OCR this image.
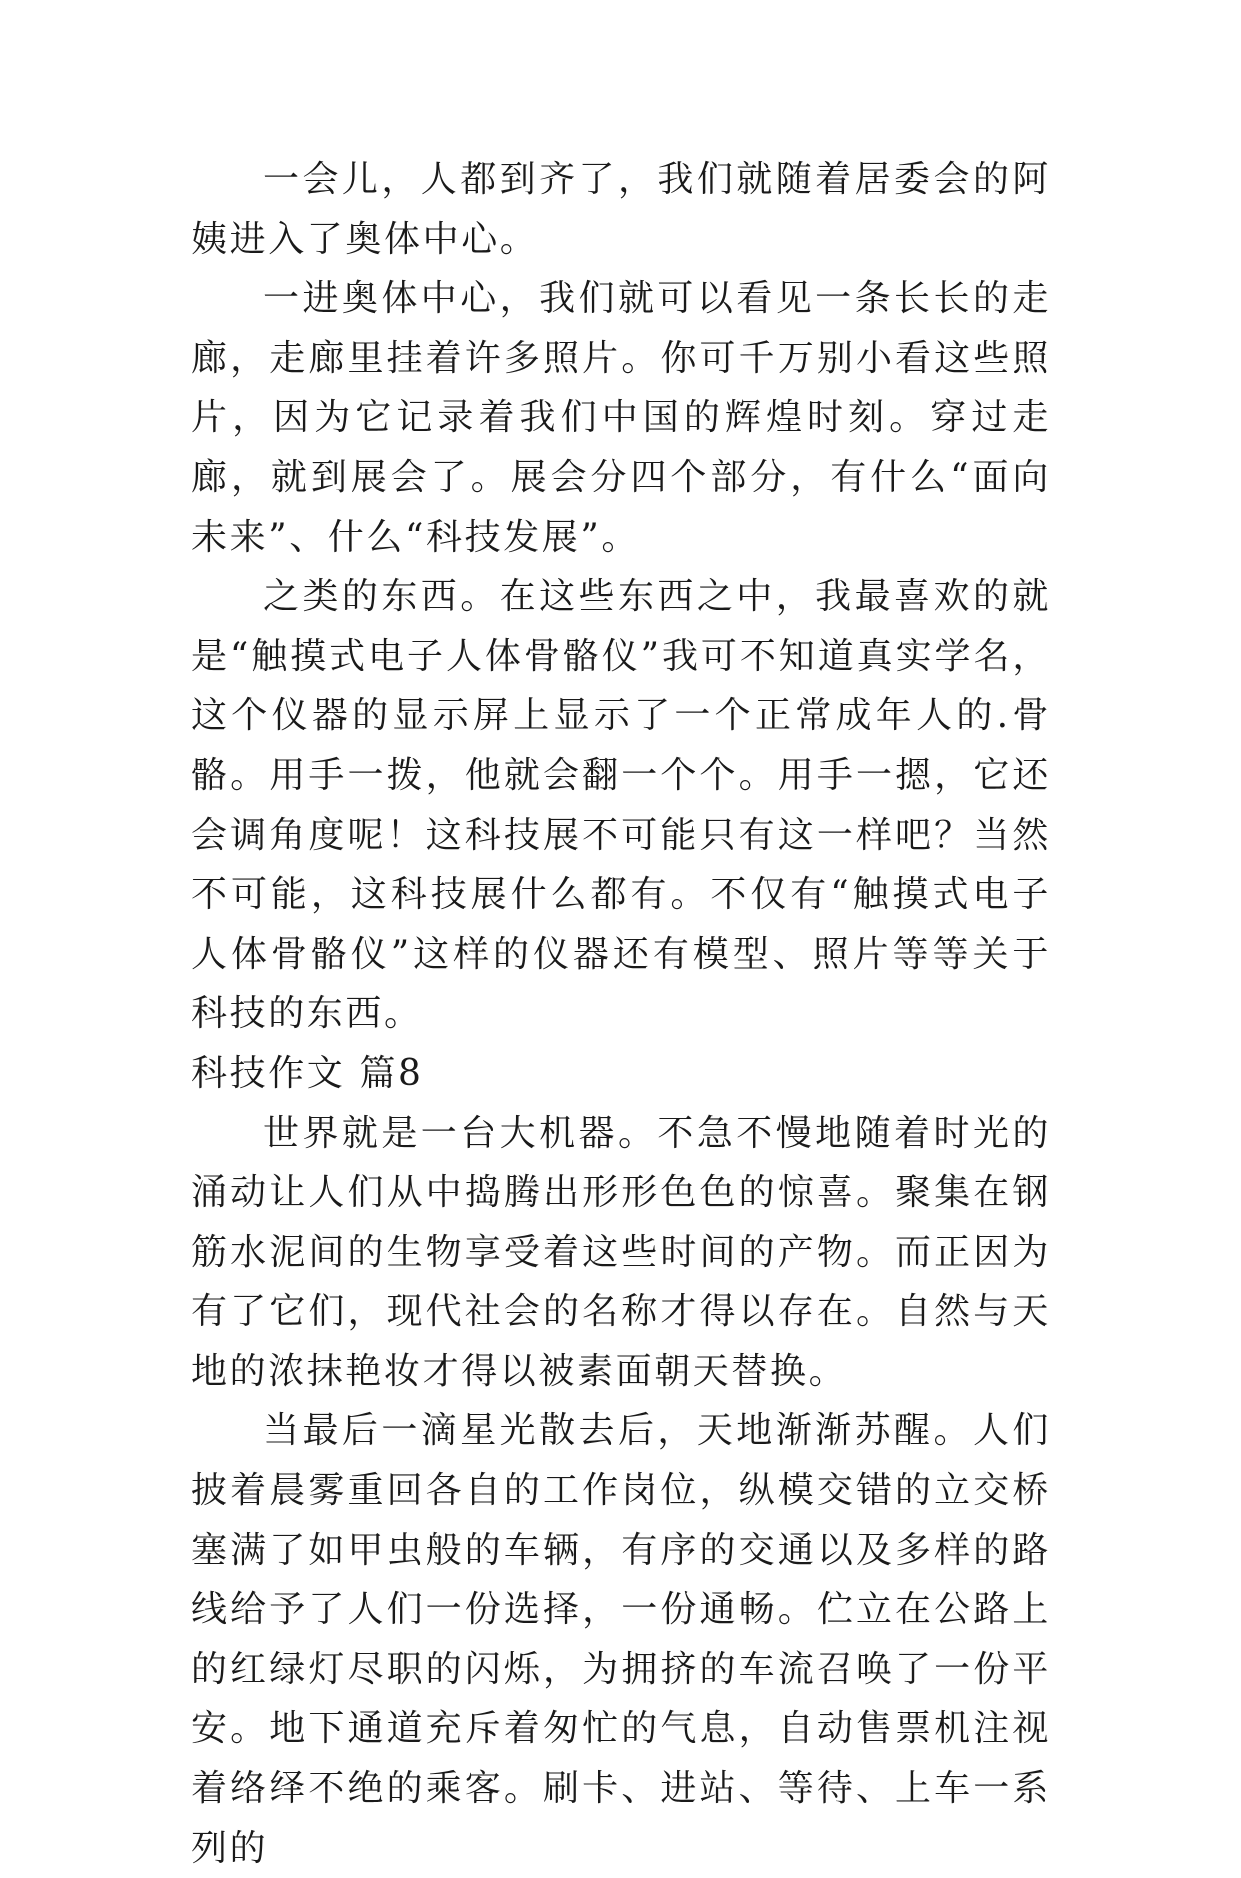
一会儿，人都到齐了，我们就随着居委会的阿姨进入了奥体中心。

一进奥体中心，我们就可以看见一条长长的走廊，走廊里挂着许多照片。你可千万别小看这些照片，因为它记录着我们中国的辉煌时刻。穿过走廊，就到展会了。展会分四个部分，有什么“面向未来”、什么“科技发展”。

之类的东西。在这些东西之中，我最喜欢的就是“触摸式电子人体骨骼仪”我可不知道真实学名，这个仪器的显示屏上显示了一个正常成年人的.骨骼。用手一拨，他就会翻一个个。用手一摁，它还会调角度呢！这科技展不可能只有这一样吧？当然不可能，这科技展什么都有。不仅有“触摸式电子人体骨骼仪”这样的仪器还有模型、照片等等关于科技的东西。

科技作文 篇8

世界就是一台大机器。不急不慢地随着时光的涌动让人们从中捣腾出形形色色的惊喜。聚集在钢筋水泥间的生物享受着这些时间的产物。而正因为有了它们，现代社会的名称才得以存在。自然与天地的浓抹艳妆才得以被素面朝天替换。

当最后一滴星光散去后，天地渐渐苏醒。人们披着晨雾重回各自的工作岗位，纵模交错的立交桥塞满了如甲虫般的车辆，有序的交通以及多样的路线给予了人们一份选择，一份通畅。伫立在公路上的红绿灯尽职的闪烁，为拥挤的车流召唤了一份平安。地下通道充斥着匆忙的气息，自动售票机注视着络绎不绝的乘客。刷卡、进站、等待、上车一系列的
